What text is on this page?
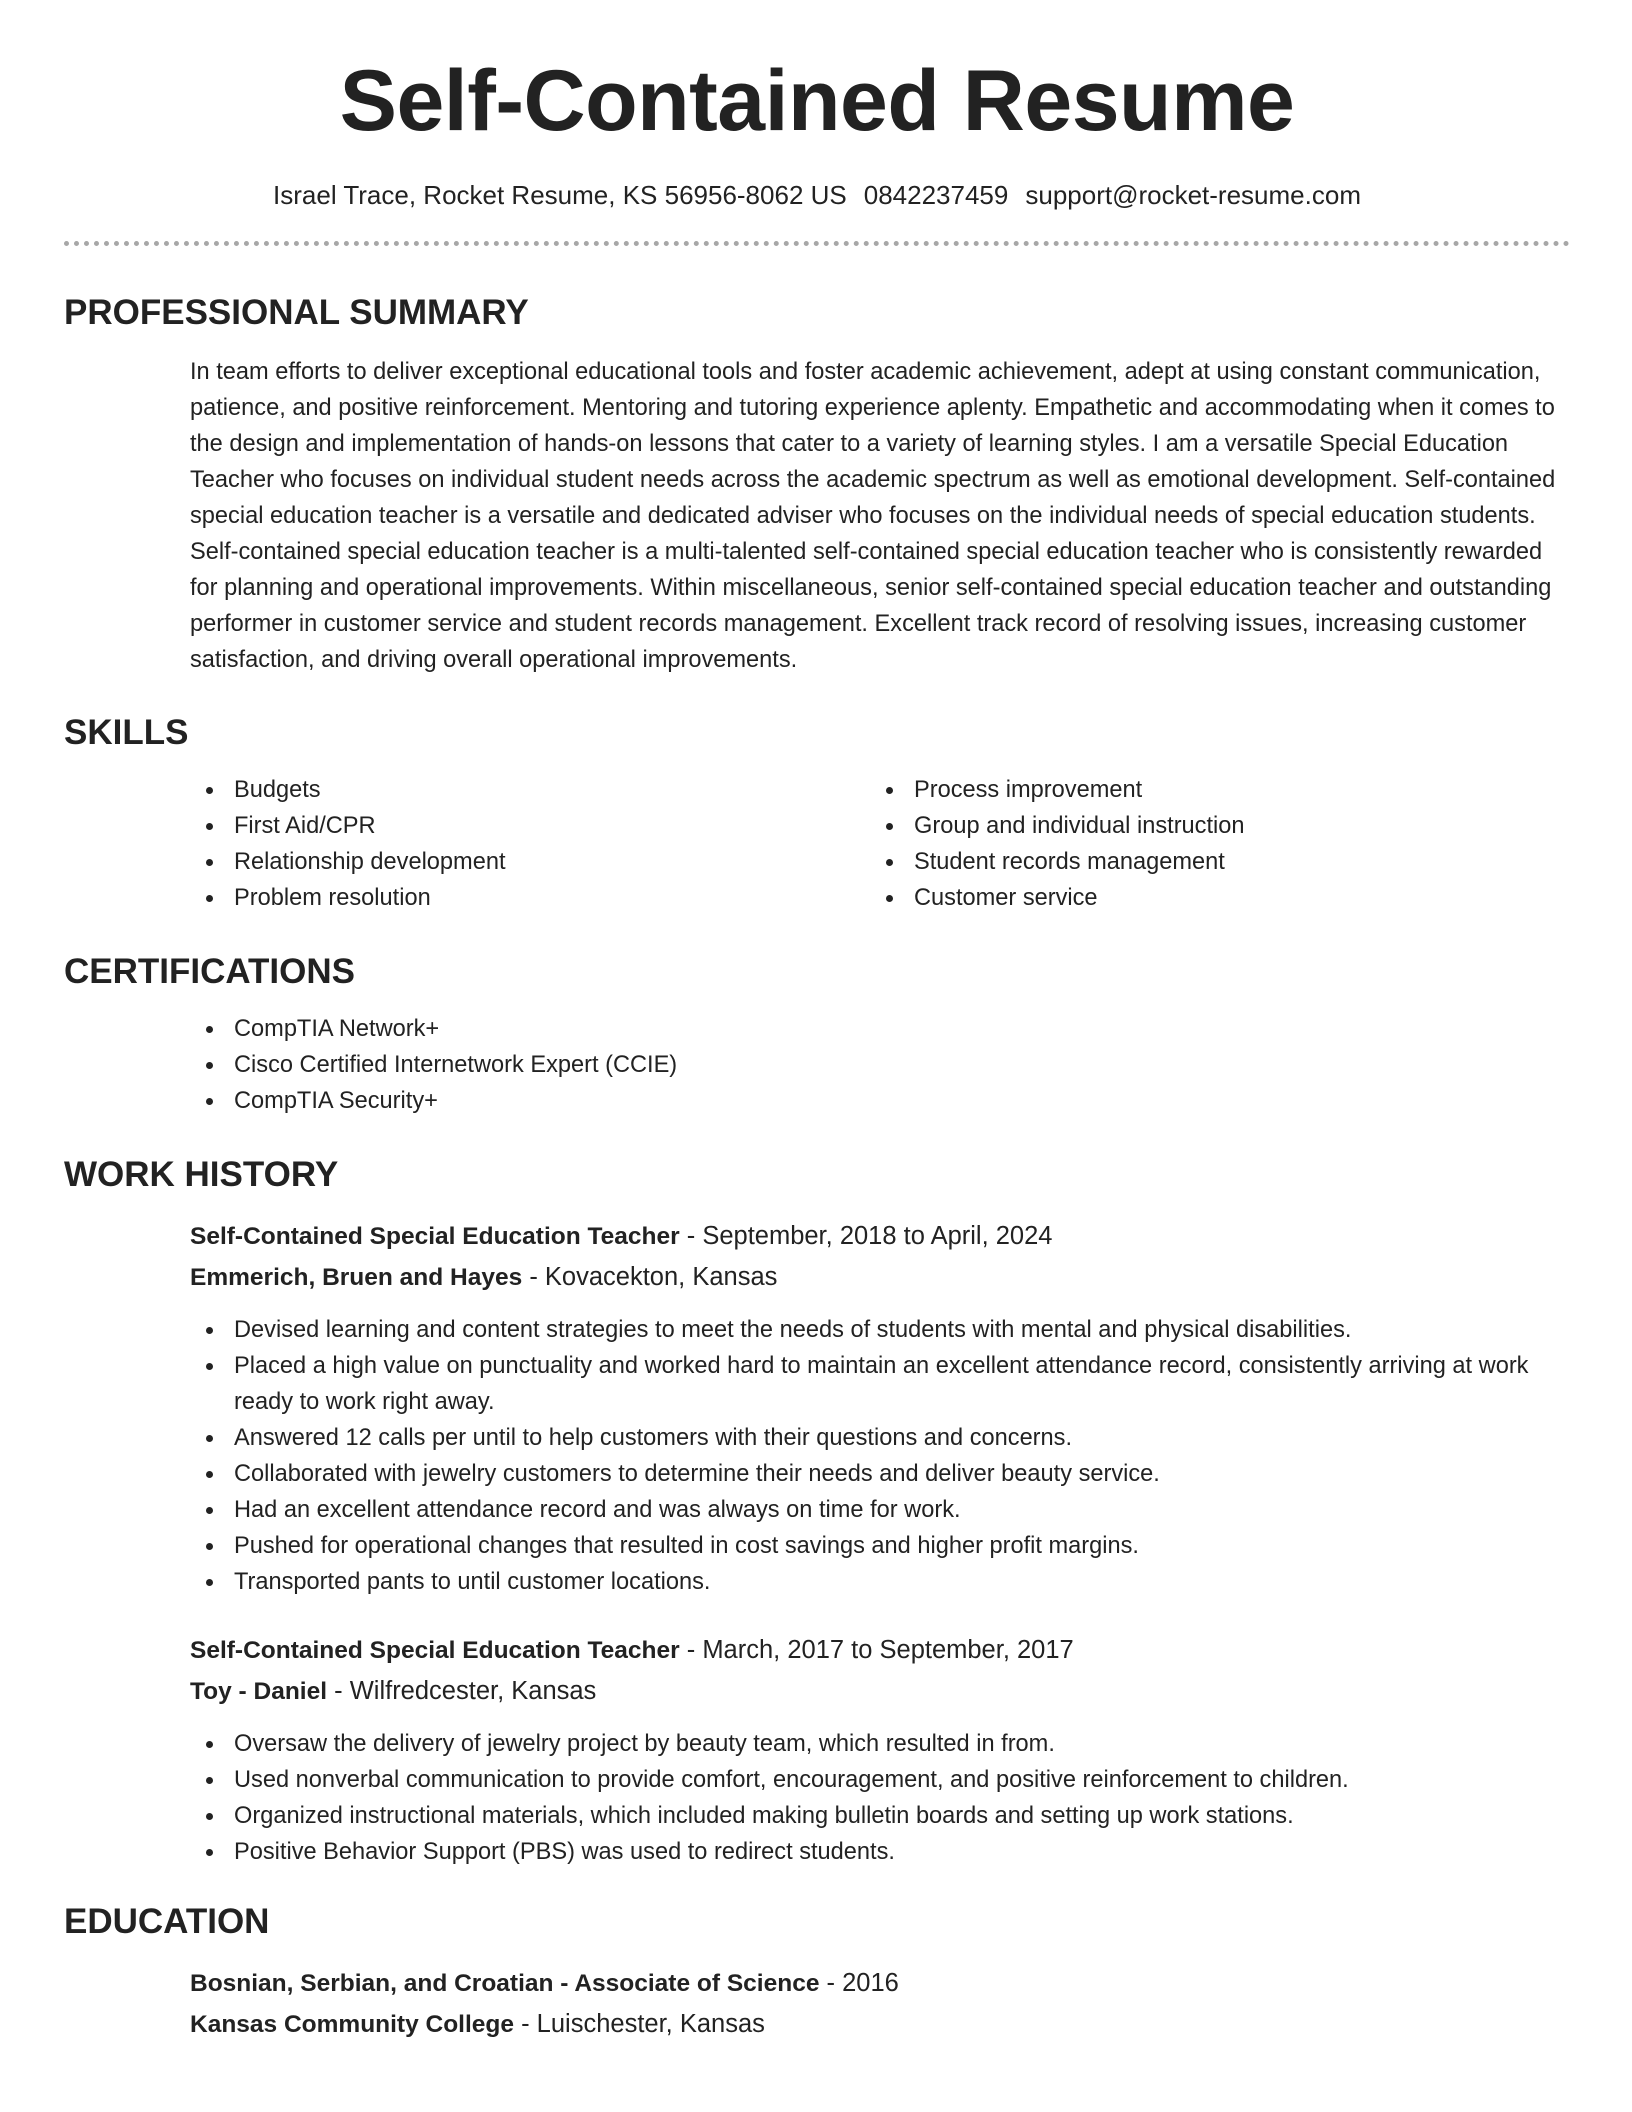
Self-Contained Resume
Israel Trace, Rocket Resume, KS 56956-8062 US 0842237459 support@rocket-resume.com
PROFESSIONAL SUMMARY

In team efforts to deliver exceptional educational tools and foster academic achievement, adept at using constant communication, patience, and positive reinforcement. Mentoring and tutoring experience aplenty. Empathetic and accommodating when it comes to the design and implementation of hands-on lessons that cater to a variety of learning styles. I am a versatile Special Education Teacher who focuses on individual student needs across the academic spectrum as well as emotional development. Self-contained special education teacher is a versatile and dedicated adviser who focuses on the individual needs of special education students. Self-contained special education teacher is a multi-talented self-contained special education teacher who is consistently rewarded for planning and operational improvements. Within miscellaneous, senior self-contained special education teacher and outstanding performer in customer service and student records management. Excellent track record of resolving issues, increasing customer satisfaction, and driving overall operational improvements.

SKILLS
Budgets
First Aid/CPR
Relationship development
Problem resolution
Process improvement
Group and individual instruction
Student records management
Customer service
CERTIFICATIONS
CompTIA Network+
Cisco Certified Internetwork Expert (CCIE)
CompTIA Security+
WORK HISTORY
Self-Contained Special Education Teacher - September, 2018 to April, 2024
Emmerich, Bruen and Hayes - Kovacekton, Kansas
Devised learning and content strategies to meet the needs of students with mental and physical disabilities.
Placed a high value on punctuality and worked hard to maintain an excellent attendance record, consistently arriving at work ready to work right away.
Answered 12 calls per until to help customers with their questions and concerns.
Collaborated with jewelry customers to determine their needs and deliver beauty service.
Had an excellent attendance record and was always on time for work.
Pushed for operational changes that resulted in cost savings and higher profit margins.
Transported pants to until customer locations.
Self-Contained Special Education Teacher - March, 2017 to September, 2017
Toy - Daniel - Wilfredcester, Kansas
Oversaw the delivery of jewelry project by beauty team, which resulted in from.
Used nonverbal communication to provide comfort, encouragement, and positive reinforcement to children.
Organized instructional materials, which included making bulletin boards and setting up work stations.
Positive Behavior Support (PBS) was used to redirect students.
EDUCATION
Bosnian, Serbian, and Croatian - Associate of Science - 2016
Kansas Community College - Luischester, Kansas
